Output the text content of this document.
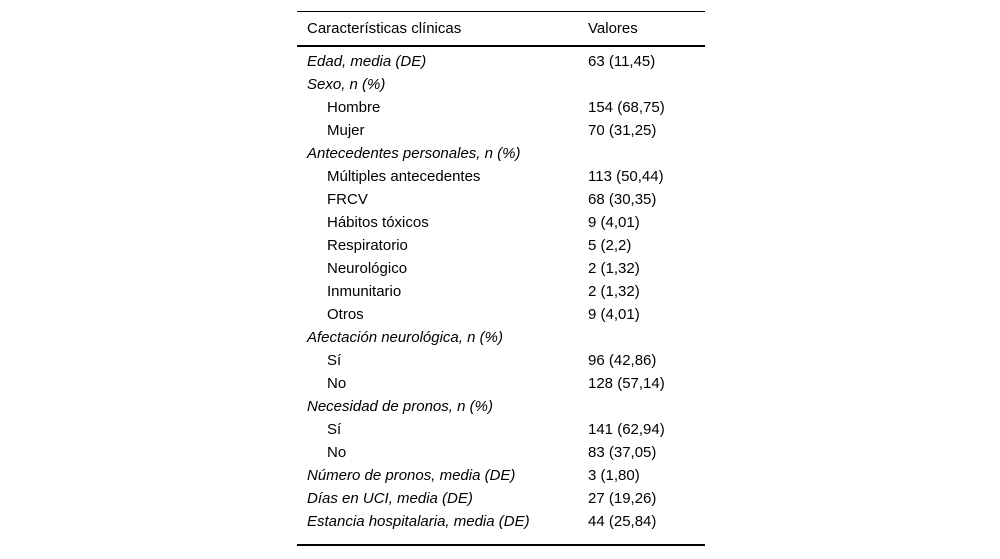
Características clínicas	Valores
Edad, media (DE)	63 (11,45)
Sexo, n (%)	
Hombre	154 (68,75)
Mujer	70 (31,25)
Antecedentes personales, n (%)	
Múltiples antecedentes	113 (50,44)
FRCV	68 (30,35)
Hábitos tóxicos	9 (4,01)
Respiratorio	5 (2,2)
Neurológico	2 (1,32)
Inmunitario	2 (1,32)
Otros	9 (4,01)
Afectación neurológica, n (%)	
Sí	96 (42,86)
No	128 (57,14)
Necesidad de pronos, n (%)	
Sí	141 (62,94)
No	83 (37,05)
Número de pronos, media (DE)	3 (1,80)
Días en UCI, media (DE)	27 (19,26)
Estancia hospitalaria, media (DE)	44 (25,84)
